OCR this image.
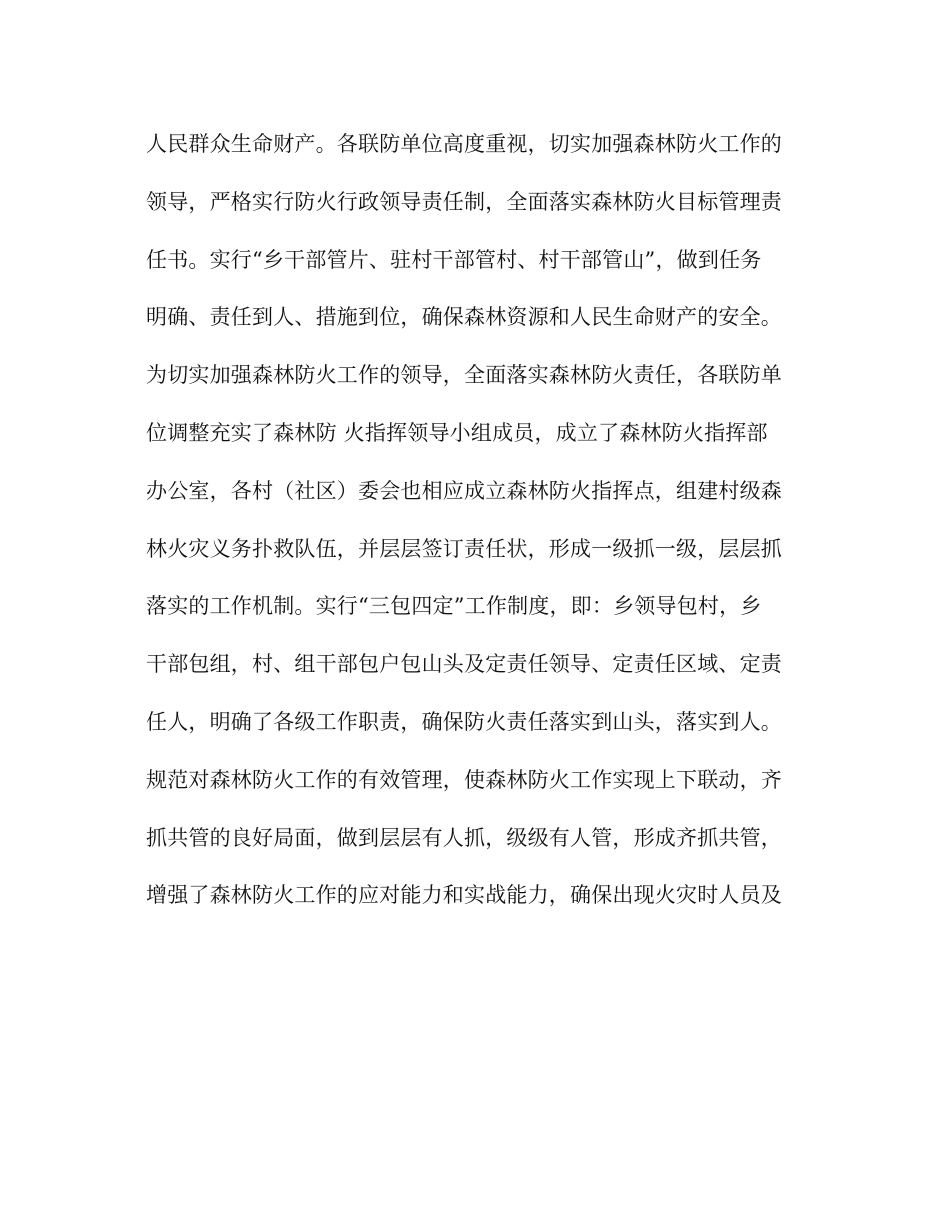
人民群众生命财产。各联防单位高度重视，切实加强森林防火工作的
领导，严格实行防火行政领导责任制，全面落实森林防火目标管理责
任书。实行“乡干部管片、驻村干部管村、村干部管山”，做到任务
明确、责任到人、措施到位，确保森林资源和人民生命财产的安全。
为切实加强森林防火工作的领导，全面落实森林防火责任，各联防单
位调整充实了森林防 火指挥领导小组成员，成立了森林防火指挥部
办公室，各村（社区）委会也相应成立森林防火指挥点，组建村级森
林火灾义务扑救队伍，并层层签订责任状，形成一级抓一级，层层抓
落实的工作机制。实行“三包四定”工作制度，即：乡领导包村，乡
干部包组，村、组干部包户包山头及定责任领导、定责任区域、定责
任人，明确了各级工作职责，确保防火责任落实到山头，落实到人。
规范对森林防火工作的有效管理，使森林防火工作实现上下联动，齐
抓共管的良好局面，做到层层有人抓，级级有人管，形成齐抓共管，
增强了森林防火工作的应对能力和实战能力，确保出现火灾时人员及
